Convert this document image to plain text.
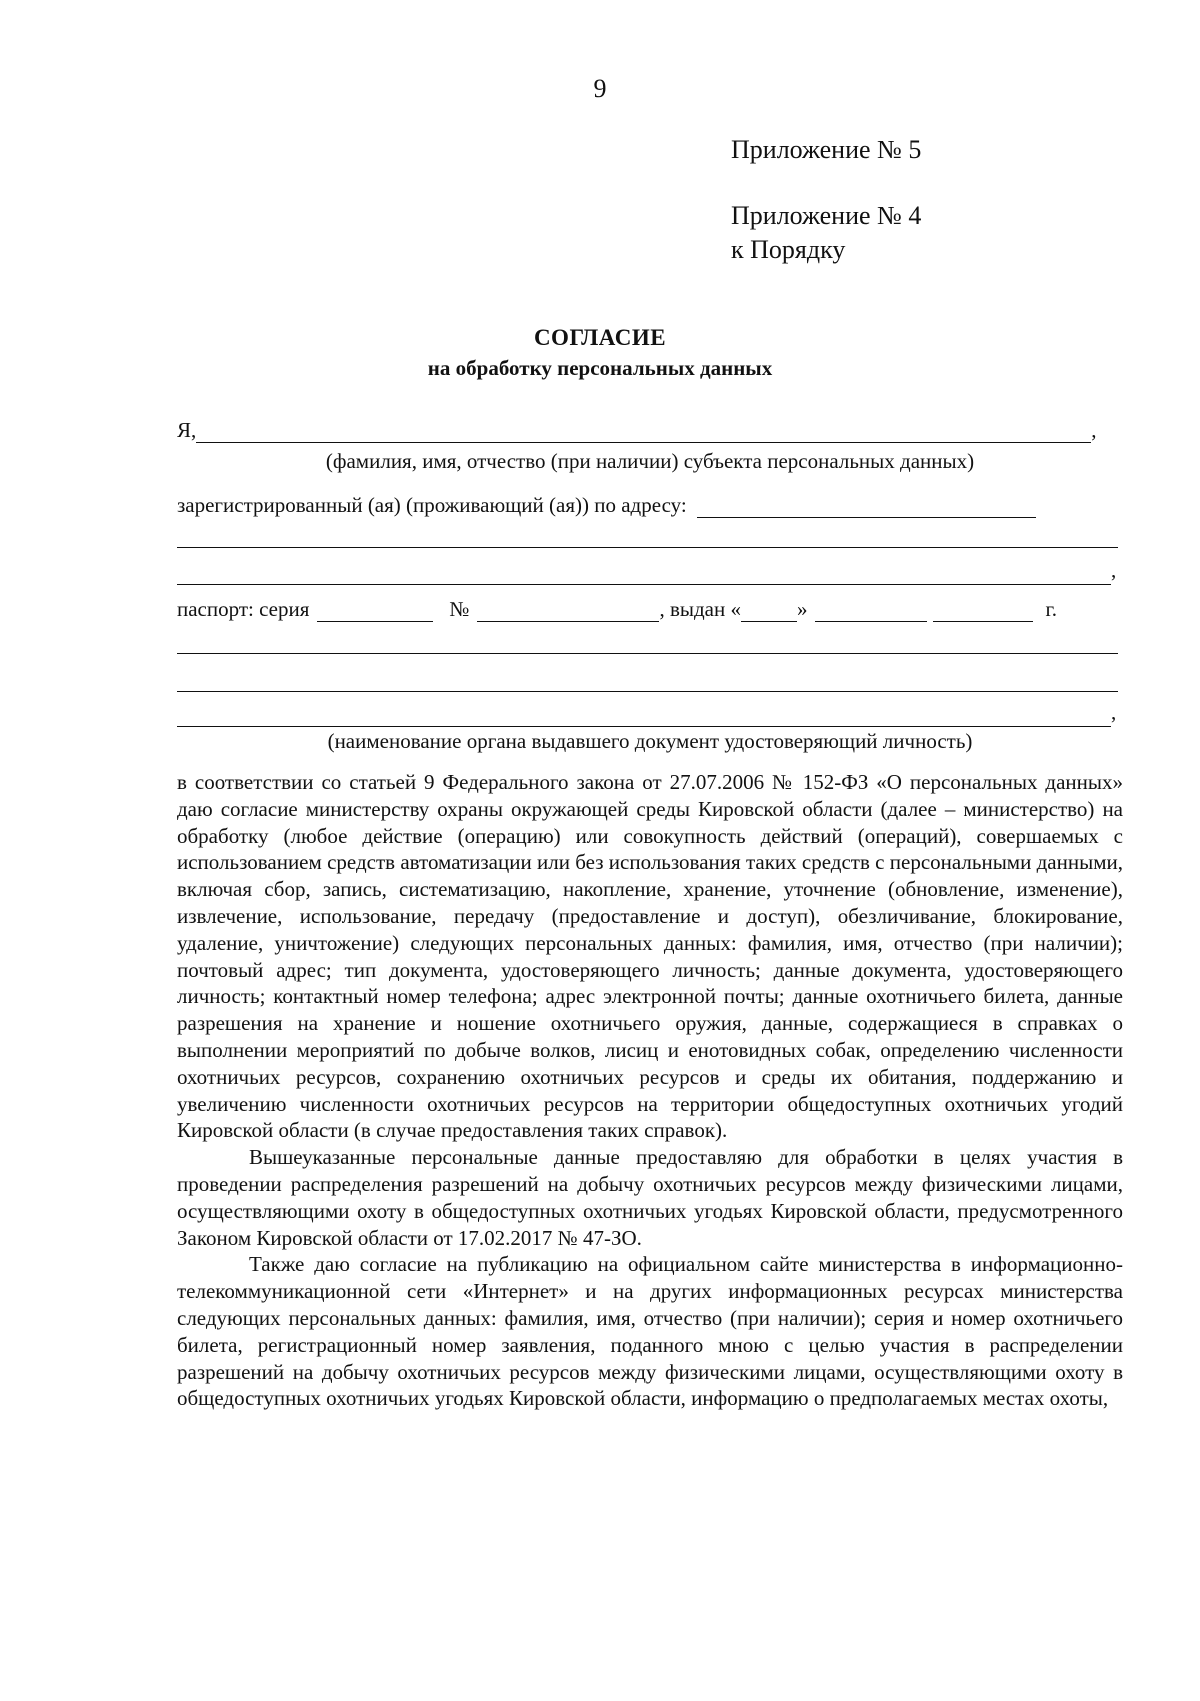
9
Приложение № 5
Приложение № 4
к Порядку
СОГЛАСИЕ
на обработку персональных данных
Я,	,
(фамилия, имя, отчество (при наличии) субъекта персональных данных)
зарегистрированный (ая) (проживающий (ая)) по адресу:
,
паспорт: серия	№	, выдан «	»	г.
,
(наименование органа выдавшего документ удостоверяющий личность)

в соответствии со статьей 9 Федерального закона от 27.07.2006 № 152-ФЗ «О персональных данных» даю согласие министерству охраны окружающей среды Кировской области (далее – министерство) на обработку (любое действие (операцию) или совокупность действий (операций), совершаемых с использованием средств автоматизации или без использования таких средств с персональными данными, включая сбор, запись, систематизацию, накопление, хранение, уточнение (обновление, изменение), извлечение, использование, передачу (предоставление и доступ), обезличивание, блокирование, удаление, уничтожение) следующих персональных данных: фамилия, имя, отчество (при наличии); почтовый адрес; тип документа, удостоверяющего личность; данные документа, удостоверяющего личность; контактный номер телефона; адрес электронной почты; данные охотничьего билета, данные разрешения на хранение и ношение охотничьего оружия, данные, содержащиеся в справках о выполнении мероприятий по добыче волков, лисиц и енотовидных собак, определению численности охотничьих ресурсов, сохранению охотничьих ресурсов и среды их обитания, поддержанию и увеличению численности охотничьих ресурсов на территории общедоступных охотничьих угодий Кировской области (в случае предоставления таких справок).

Вышеуказанные персональные данные предоставляю для обработки в целях участия в проведении распределения разрешений на добычу охотничьих ресурсов между физическими лицами, осуществляющими охоту в общедоступных охотничьих угодьях Кировской области, предусмотренного Законом Кировской области от 17.02.2017 № 47-ЗО.

Также даю согласие на публикацию на официальном сайте министерства в информационно-телекоммуникационной сети «Интернет» и на других информационных ресурсах министерства следующих персональных данных: фамилия, имя, отчество (при наличии); серия и номер охотничьего билета, регистрационный номер заявления, поданного мною с целью участия в распределении разрешений на добычу охотничьих ресурсов между физическими лицами, осуществляющими охоту в общедоступных охотничьих угодьях Кировской области, информацию о предполагаемых местах охоты,
